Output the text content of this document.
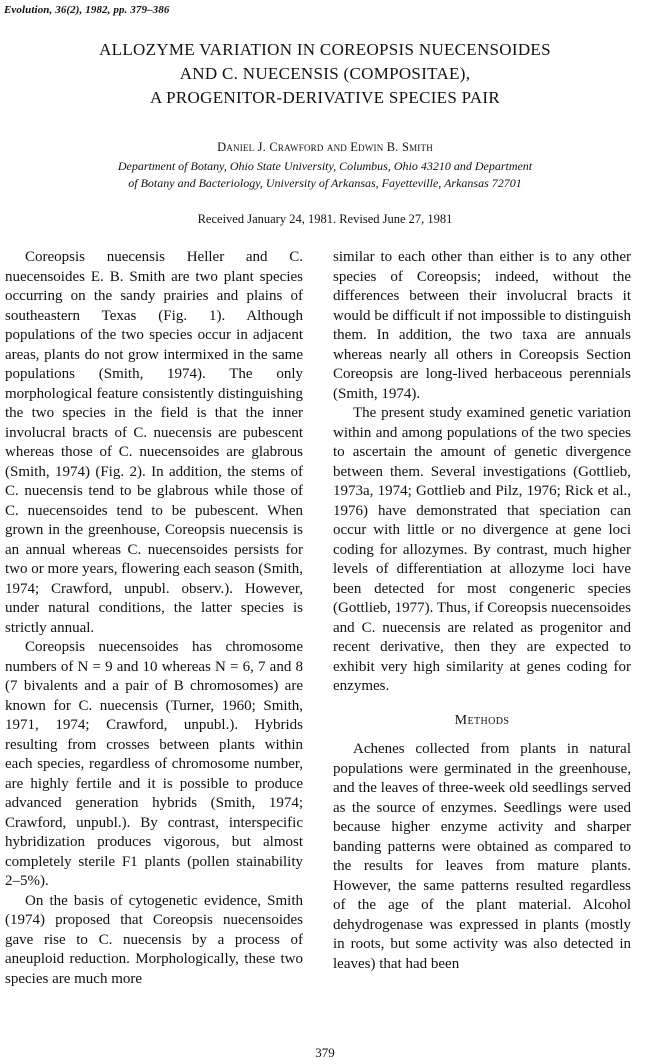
Evolution, 36(2), 1982, pp. 379–386
ALLOZYME VARIATION IN COREOPSIS NUECENSOIDES
AND C. NUECENSIS (COMPOSITAE),
A PROGENITOR-DERIVATIVE SPECIES PAIR
Daniel J. Crawford and Edwin B. Smith
Department of Botany, Ohio State University, Columbus, Ohio 43210 and Department
of Botany and Bacteriology, University of Arkansas, Fayetteville, Arkansas 72701
Received January 24, 1981. Revised June 27, 1981

Coreopsis nuecensis Heller and C. nuecensoides E. B. Smith are two plant species occurring on the sandy prairies and plains of southeastern Texas (Fig. 1). Although populations of the two species occur in adjacent areas, plants do not grow intermixed in the same populations (Smith, 1974). The only morphological feature consistently distinguishing the two species in the field is that the inner involucral bracts of C. nuecensis are pubescent whereas those of C. nuecensoides are glabrous (Smith, 1974) (Fig. 2). In addition, the stems of C. nuecensis tend to be glabrous while those of C. nuecensoides tend to be pubescent. When grown in the greenhouse, Coreopsis nuecensis is an annual whereas C. nuecensoides persists for two or more years, flowering each season (Smith, 1974; Crawford, unpubl. observ.). However, under natural conditions, the latter species is strictly annual.

Coreopsis nuecensoides has chromosome numbers of N = 9 and 10 whereas N = 6, 7 and 8 (7 bivalents and a pair of B chromosomes) are known for C. nuecensis (Turner, 1960; Smith, 1971, 1974; Crawford, unpubl.). Hybrids resulting from crosses between plants within each species, regardless of chromosome number, are highly fertile and it is possible to produce advanced generation hybrids (Smith, 1974; Crawford, unpubl.). By contrast, interspecific hybridization produces vigorous, but almost completely sterile F1 plants (pollen stainability 2–5%).

On the basis of cytogenetic evidence, Smith (1974) proposed that Coreopsis nuecensoides gave rise to C. nuecensis by a process of aneuploid reduction. Morphologically, these two species are much more

similar to each other than either is to any other species of Coreopsis; indeed, without the differences between their involucral bracts it would be difficult if not impossible to distinguish them. In addition, the two taxa are annuals whereas nearly all others in Coreopsis Section Coreopsis are long-lived herbaceous perennials (Smith, 1974).

The present study examined genetic variation within and among populations of the two species to ascertain the amount of genetic divergence between them. Several investigations (Gottlieb, 1973a, 1974; Gottlieb and Pilz, 1976; Rick et al., 1976) have demonstrated that speciation can occur with little or no divergence at gene loci coding for allozymes. By contrast, much higher levels of differentiation at allozyme loci have been detected for most congeneric species (Gottlieb, 1977). Thus, if Coreopsis nuecensoides and C. nuecensis are related as progenitor and recent derivative, then they are expected to exhibit very high similarity at genes coding for enzymes.

Methods

Achenes collected from plants in natural populations were germinated in the greenhouse, and the leaves of three-week old seedlings served as the source of enzymes. Seedlings were used because higher enzyme activity and sharper banding patterns were obtained as compared to the results for leaves from mature plants. However, the same patterns resulted regardless of the age of the plant material. Alcohol dehydrogenase was expressed in plants (mostly in roots, but some activity was also detected in leaves) that had been

379
